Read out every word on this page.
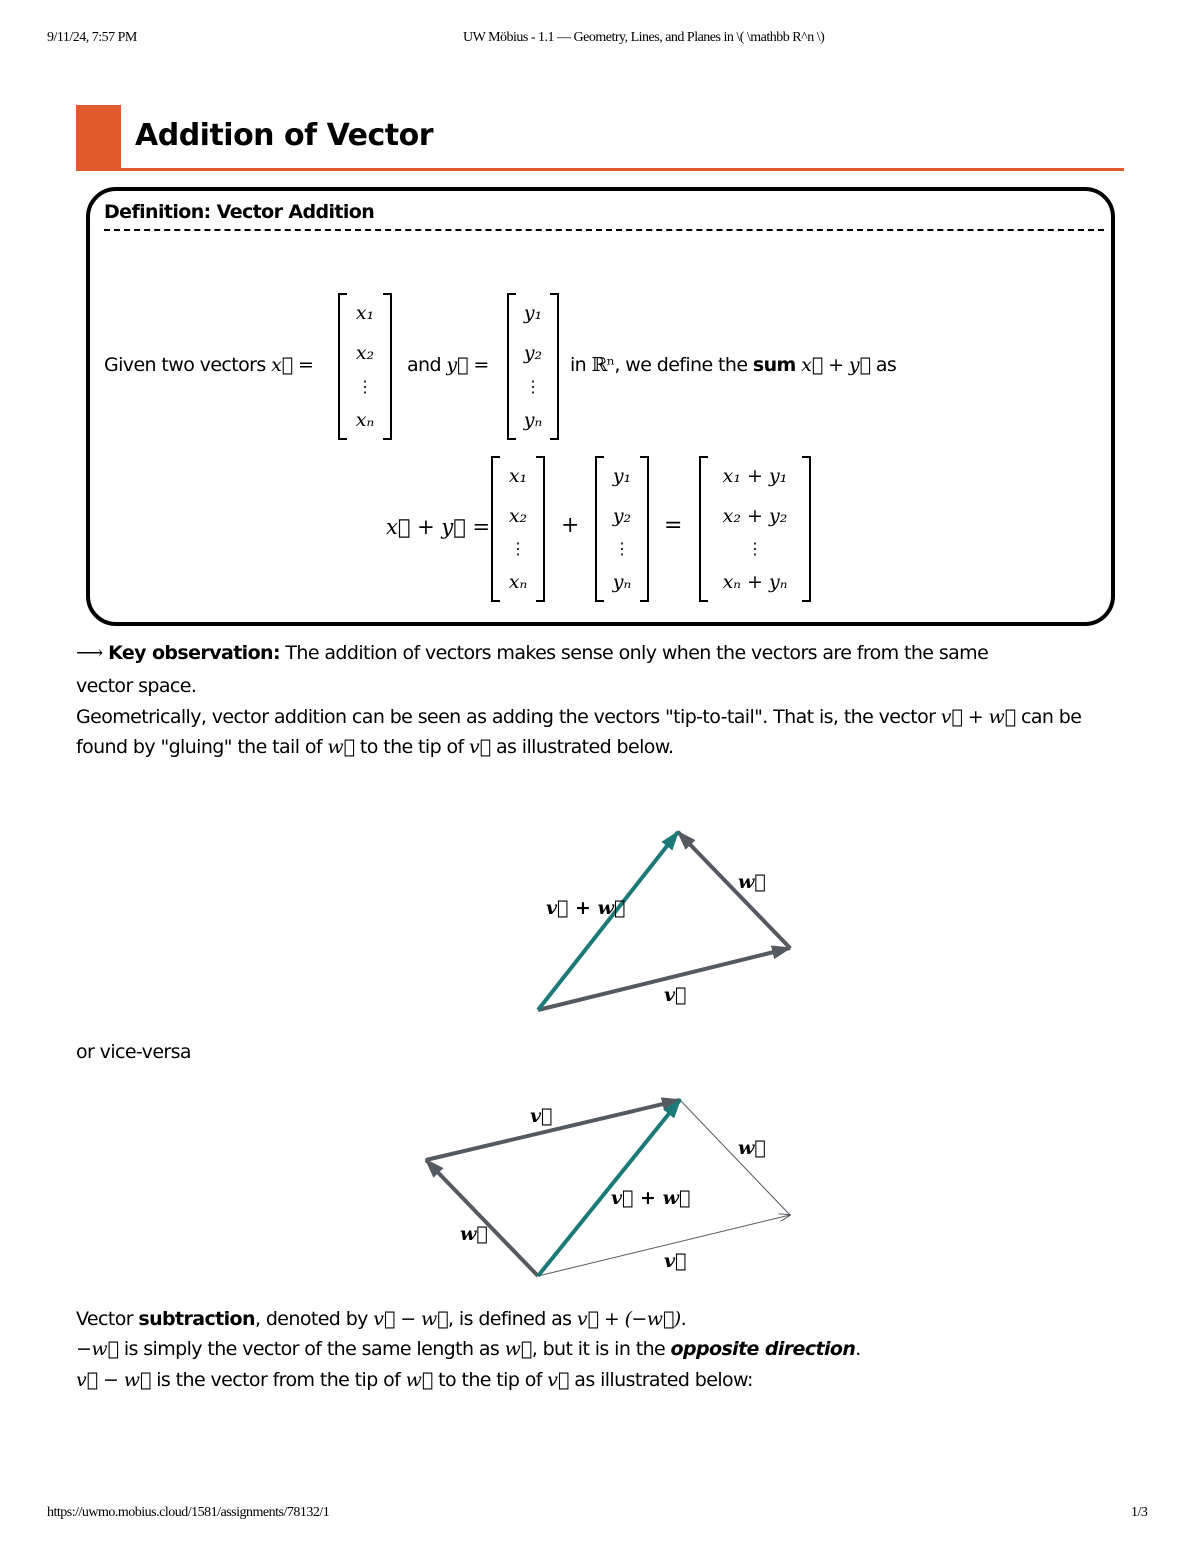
9/11/24, 7:57 PM	UW Möbius - 1.1 — Geometry, Lines, and Planes in \( \mathbb R^n \)
Addition of Vector
Definition: Vector Addition
Given two vectors x⃗ =
x₁
x₂
⋮
xₙ
and y⃗ =
y₁
y₂
⋮
yₙ
in ℝⁿ, we define the sum x⃗ + y⃗ as
x⃗ + y⃗ =
x₁
x₂
⋮
xₙ
+
y₁
y₂
⋮
yₙ
=
x₁ + y₁
x₂ + y₂
⋮
xₙ + yₙ
⟶ Key observation: The addition of vectors makes sense only when the vectors are from the same
vector space.
Geometrically, vector addition can be seen as adding the vectors "tip-to-tail". That is, the vector v⃗ + w⃗ can be
found by "gluing" the tail of w⃗ to the tip of v⃗ as illustrated below.
or vice-versa
Vector subtraction, denoted by v⃗ − w⃗, is defined as v⃗ + (−w⃗).
−w⃗ is simply the vector of the same length as w⃗, but it is in the opposite direction.
v⃗ − w⃗ is the vector from the tip of w⃗ to the tip of v⃗ as illustrated below:
v⃗ + w⃗
w⃗
v⃗
v⃗
w⃗
v⃗ + w⃗
w⃗
v⃗
https://uwmo.mobius.cloud/1581/assignments/78132/1	1/3
